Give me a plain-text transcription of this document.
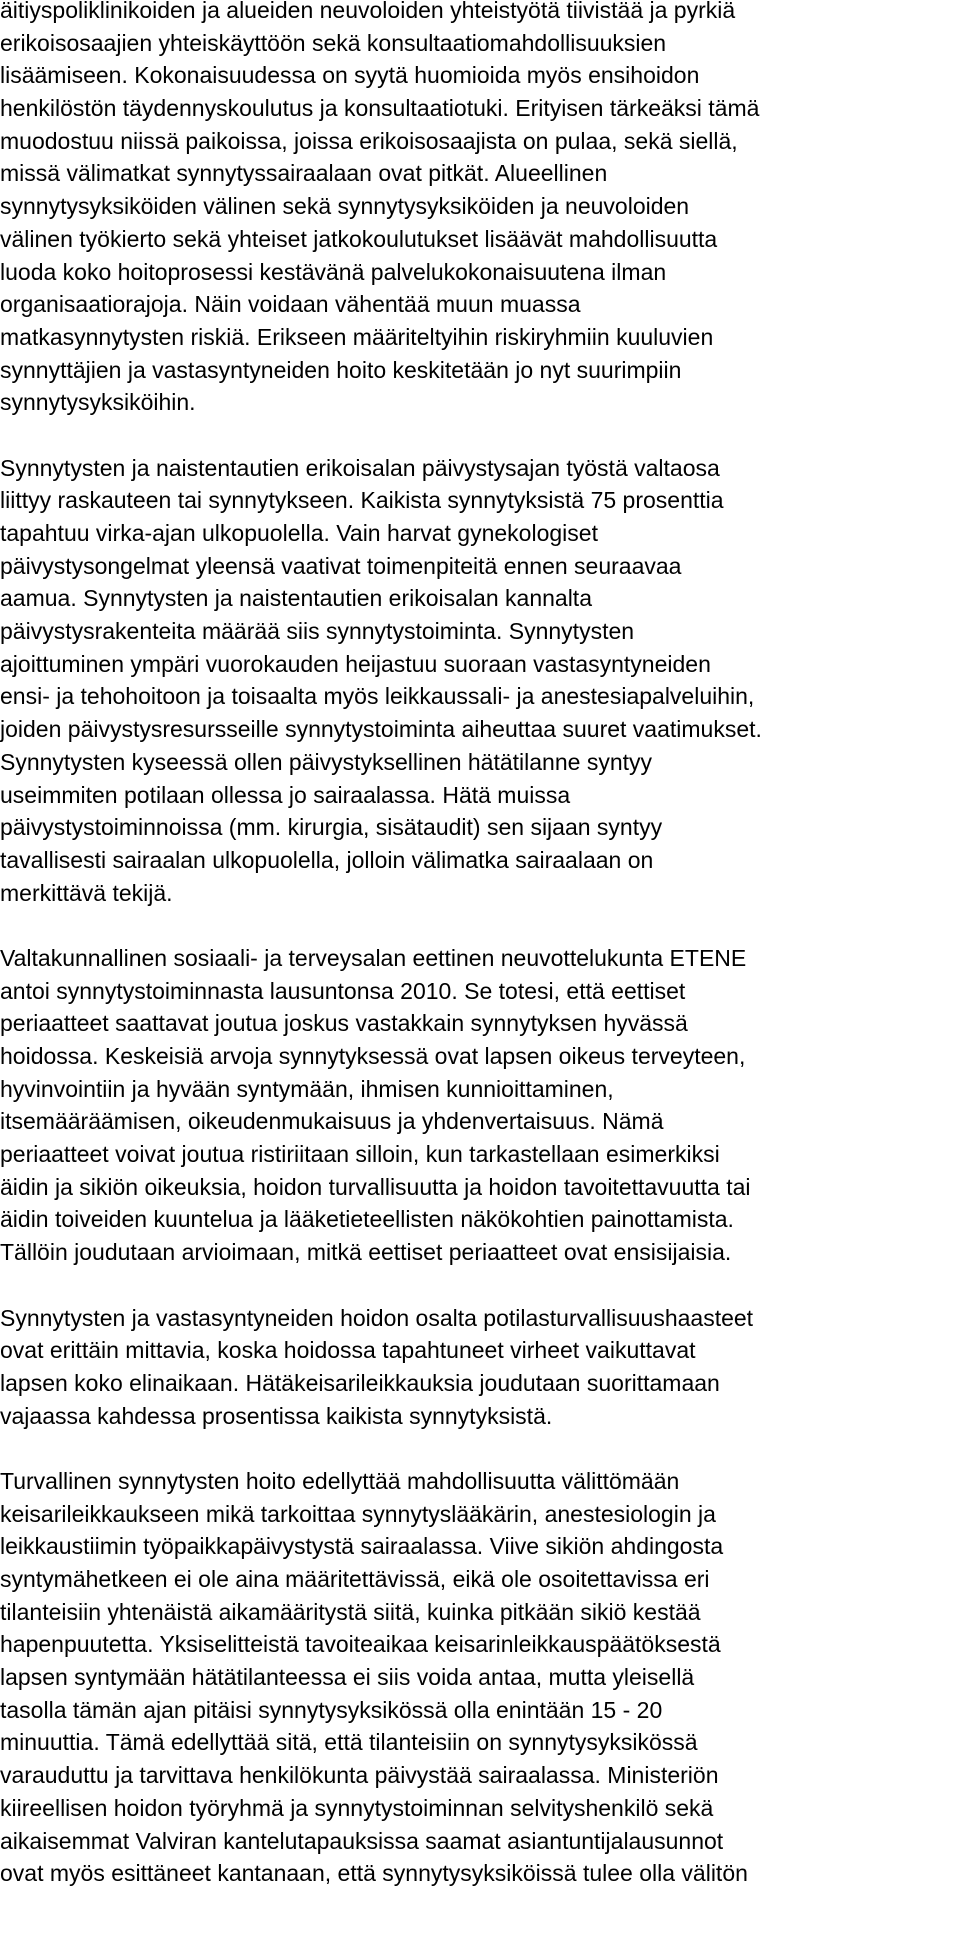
äitiyspoliklinikoiden ja alueiden neuvoloiden yhteistyötä tiivistää ja pyrkiä
erikoisosaajien yhteiskäyttöön sekä konsultaatiomahdollisuuksien
lisäämiseen. Kokonaisuudessa on syytä huomioida myös ensihoidon
henkilöstön täydennyskoulutus ja konsultaatiotuki. Erityisen tärkeäksi tämä
muodostuu niissä paikoissa, joissa erikoisosaajista on pulaa, sekä siellä,
missä välimatkat synnytyssairaalaan ovat pitkät. Alueellinen
synnytysyksiköiden välinen sekä synnytysyksiköiden ja neuvoloiden
välinen työkierto sekä yhteiset jatkokoulutukset lisäävät mahdollisuutta
luoda koko hoitoprosessi kestävänä palvelukokonaisuutena ilman
organisaatiorajoja. Näin voidaan vähentää muun muassa
matkasynnytysten riskiä. Erikseen määriteltyihin riskiryhmiin kuuluvien
synnyttäjien ja vastasyntyneiden hoito keskitetään jo nyt suurimpiin
synnytysyksiköihin.

Synnytysten ja naistentautien erikoisalan päivystysajan työstä valtaosa
liittyy raskauteen tai synnytykseen. Kaikista synnytyksistä 75 prosenttia
tapahtuu virka-ajan ulkopuolella. Vain harvat gynekologiset
päivystysongelmat yleensä vaativat toimenpiteitä ennen seuraavaa
aamua. Synnytysten ja naistentautien erikoisalan kannalta
päivystysrakenteita määrää siis synnytystoiminta. Synnytysten
ajoittuminen ympäri vuorokauden heijastuu suoraan vastasyntyneiden
ensi- ja tehohoitoon ja toisaalta myös leikkaussali- ja anestesiapalveluihin,
joiden päivystysresursseille synnytystoiminta aiheuttaa suuret vaatimukset.
Synnytysten kyseessä ollen päivystyksellinen hätätilanne syntyy
useimmiten potilaan ollessa jo sairaalassa. Hätä muissa
päivystystoiminnoissa (mm. kirurgia, sisätaudit) sen sijaan syntyy
tavallisesti sairaalan ulkopuolella, jolloin välimatka sairaalaan on
merkittävä tekijä.

Valtakunnallinen sosiaali- ja terveysalan eettinen neuvottelukunta ETENE
antoi synnytystoiminnasta lausuntonsa 2010. Se totesi, että eettiset
periaatteet saattavat joutua joskus vastakkain synnytyksen hyvässä
hoidossa. Keskeisiä arvoja synnytyksessä ovat lapsen oikeus terveyteen,
hyvinvointiin ja hyvään syntymään, ihmisen kunnioittaminen,
itsemääräämisen, oikeudenmukaisuus ja yhdenvertaisuus. Nämä
periaatteet voivat joutua ristiriitaan silloin, kun tarkastellaan esimerkiksi
äidin ja sikiön oikeuksia, hoidon turvallisuutta ja hoidon tavoitettavuutta tai
äidin toiveiden kuuntelua ja lääketieteellisten näkökohtien painottamista.
Tällöin joudutaan arvioimaan, mitkä eettiset periaatteet ovat ensisijaisia.

Synnytysten ja vastasyntyneiden hoidon osalta potilasturvallisuushaasteet
ovat erittäin mittavia, koska hoidossa tapahtuneet virheet vaikuttavat
lapsen koko elinaikaan. Hätäkeisarileikkauksia joudutaan suorittamaan
vajaassa kahdessa prosentissa kaikista synnytyksistä.

Turvallinen synnytysten hoito edellyttää mahdollisuutta välittömään
keisarileikkaukseen mikä tarkoittaa synnytyslääkärin, anestesiologin ja
leikkaustiimin työpaikkapäivystystä sairaalassa. Viive sikiön ahdingosta
syntymähetkeen ei ole aina määritettävissä, eikä ole osoitettavissa eri
tilanteisiin yhtenäistä aikamääritystä siitä, kuinka pitkään sikiö kestää
hapenpuutetta. Yksiselitteistä tavoiteaikaa keisarinleikkauspäätöksestä
lapsen syntymään hätätilanteessa ei siis voida antaa, mutta yleisellä
tasolla tämän ajan pitäisi synnytysyksikössä olla enintään 15 - 20
minuuttia. Tämä edellyttää sitä, että tilanteisiin on synnytysyksikössä
varauduttu ja tarvittava henkilökunta päivystää sairaalassa. Ministeriön
kiireellisen hoidon työryhmä ja synnytystoiminnan selvityshenkilö sekä
aikaisemmat Valviran kantelutapauksissa saamat asiantuntijalausunnot
ovat myös esittäneet kantanaan, että synnytysyksiköissä tulee olla välitön
